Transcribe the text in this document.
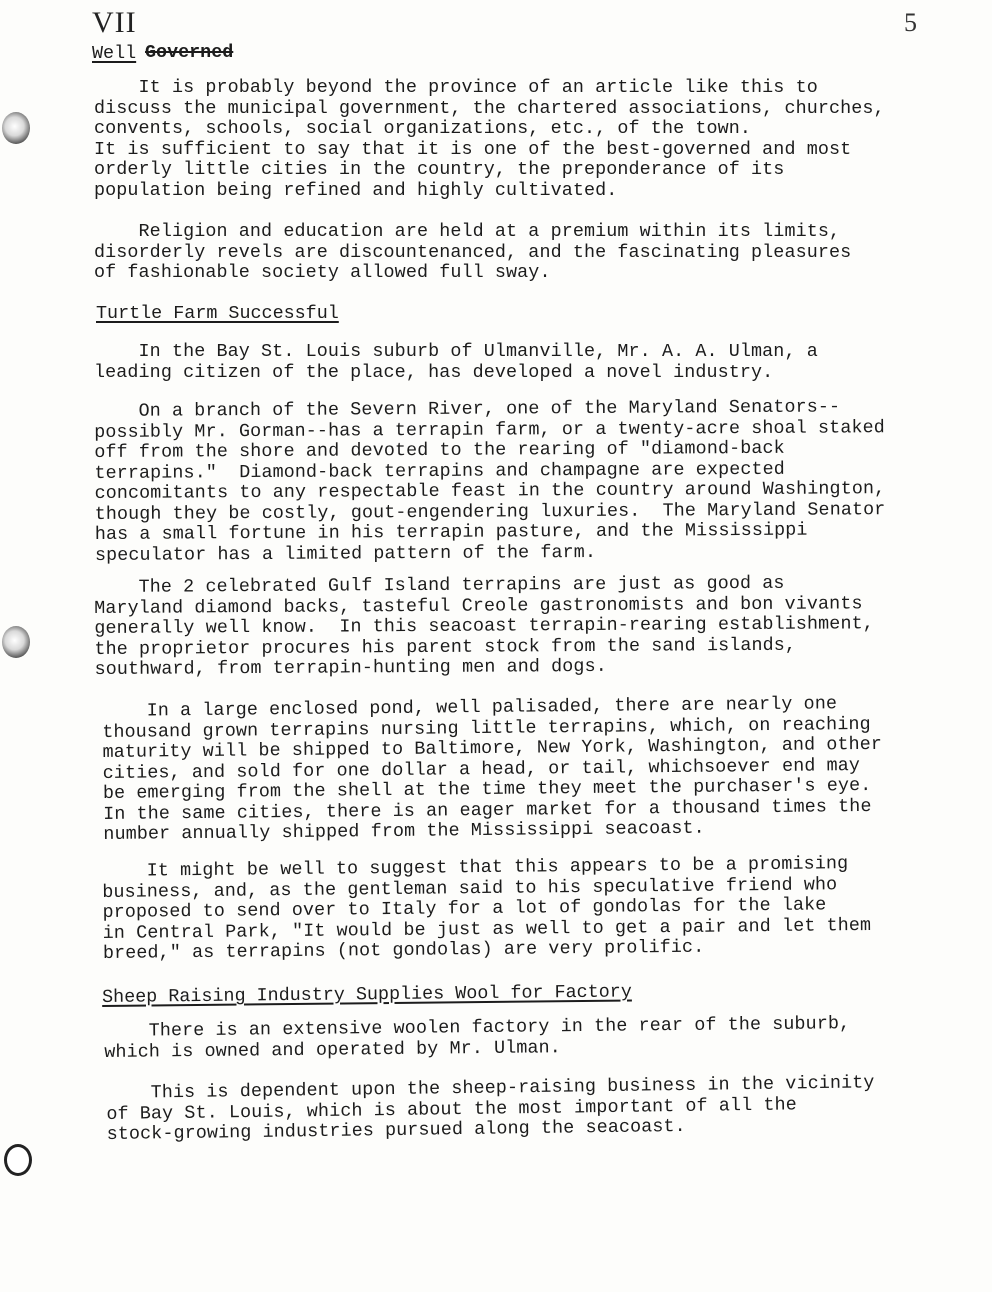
VII	5
Well Governed
It is probably beyond the province of an article like this to
discuss the municipal government, the chartered associations, churches,
convents, schools, social organizations, etc., of the town.
It is sufficient to say that it is one of the best-governed and most
orderly little cities in the country, the preponderance of its
population being refined and highly cultivated.
Religion and education are held at a premium within its limits,
disorderly revels are discountenanced, and the fascinating pleasures
of fashionable society allowed full sway.
Turtle Farm Successful
In the Bay St. Louis suburb of Ulmanville, Mr. A. A. Ulman, a
leading citizen of the place, has developed a novel industry.
On a branch of the Severn River, one of the Maryland Senators--
possibly Mr. Gorman--has a terrapin farm, or a twenty-acre shoal staked
off from the shore and devoted to the rearing of "diamond-back
terrapins."  Diamond-back terrapins and champagne are expected
concomitants to any respectable feast in the country around Washington,
though they be costly, gout-engendering luxuries.  The Maryland Senator
has a small fortune in his terrapin pasture, and the Mississippi
speculator has a limited pattern of the farm.
The 2 celebrated Gulf Island terrapins are just as good as
Maryland diamond backs, tasteful Creole gastronomists and bon vivants
generally well know.  In this seacoast terrapin-rearing establishment,
the proprietor procures his parent stock from the sand islands,
southward, from terrapin-hunting men and dogs.
In a large enclosed pond, well palisaded, there are nearly one
thousand grown terrapins nursing little terrapins, which, on reaching
maturity will be shipped to Baltimore, New York, Washington, and other
cities, and sold for one dollar a head, or tail, whichsoever end may
be emerging from the shell at the time they meet the purchaser's eye.
In the same cities, there is an eager market for a thousand times the
number annually shipped from the Mississippi seacoast.
It might be well to suggest that this appears to be a promising
business, and, as the gentleman said to his speculative friend who
proposed to send over to Italy for a lot of gondolas for the lake
in Central Park, "It would be just as well to get a pair and let them
breed," as terrapins (not gondolas) are very prolific.
Sheep Raising Industry Supplies Wool for Factory
There is an extensive woolen factory in the rear of the suburb,
which is owned and operated by Mr. Ulman.
This is dependent upon the sheep-raising business in the vicinity
of Bay St. Louis, which is about the most important of all the
stock-growing industries pursued along the seacoast.
